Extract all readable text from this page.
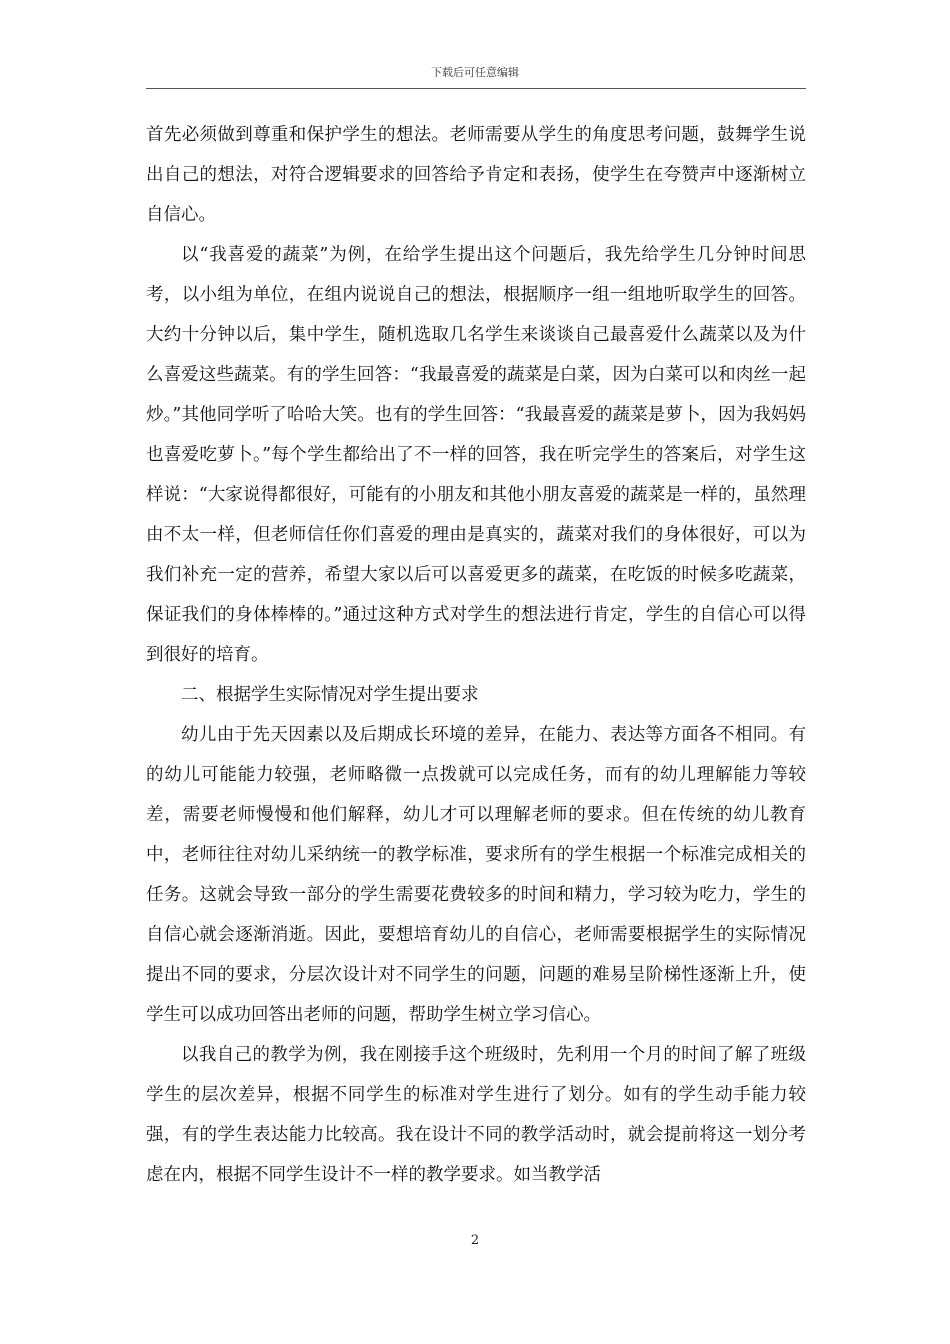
下载后可任意编辑

首先必须做到尊重和保护学生的想法。老师需要从学生的角度思考问题，鼓舞学生说出自己的想法，对符合逻辑要求的回答给予肯定和表扬，使学生在夸赞声中逐渐树立自信心。

以“我喜爱的蔬菜”为例，在给学生提出这个问题后，我先给学生几分钟时间思考，以小组为单位，在组内说说自己的想法，根据顺序一组一组地听取学生的回答。大约十分钟以后，集中学生，随机选取几名学生来谈谈自己最喜爱什么蔬菜以及为什么喜爱这些蔬菜。有的学生回答：“我最喜爱的蔬菜是白菜，因为白菜可以和肉丝一起炒。”其他同学听了哈哈大笑。也有的学生回答：“我最喜爱的蔬菜是萝卜，因为我妈妈也喜爱吃萝卜。”每个学生都给出了不一样的回答，我在听完学生的答案后，对学生这样说：“大家说得都很好，可能有的小朋友和其他小朋友喜爱的蔬菜是一样的，虽然理由不太一样，但老师信任你们喜爱的理由是真实的，蔬菜对我们的身体很好，可以为我们补充一定的营养，希望大家以后可以喜爱更多的蔬菜，在吃饭的时候多吃蔬菜，保证我们的身体棒棒的。”通过这种方式对学生的想法进行肯定，学生的自信心可以得到很好的培育。

二、根据学生实际情况对学生提出要求

幼儿由于先天因素以及后期成长环境的差异，在能力、表达等方面各不相同。有的幼儿可能能力较强，老师略微一点拨就可以完成任务，而有的幼儿理解能力等较差，需要老师慢慢和他们解释，幼儿才可以理解老师的要求。但在传统的幼儿教育中，老师往往对幼儿采纳统一的教学标准，要求所有的学生根据一个标准完成相关的任务。这就会导致一部分的学生需要花费较多的时间和精力，学习较为吃力，学生的自信心就会逐渐消逝。因此，要想培育幼儿的自信心，老师需要根据学生的实际情况提出不同的要求，分层次设计对不同学生的问题，问题的难易呈阶梯性逐渐上升，使学生可以成功回答出老师的问题，帮助学生树立学习信心。

以我自己的教学为例，我在刚接手这个班级时，先利用一个月的时间了解了班级学生的层次差异，根据不同学生的标准对学生进行了划分。如有的学生动手能力较强，有的学生表达能力比较高。我在设计不同的教学活动时，就会提前将这一划分考虑在内，根据不同学生设计不一样的教学要求。如当教学活

2
